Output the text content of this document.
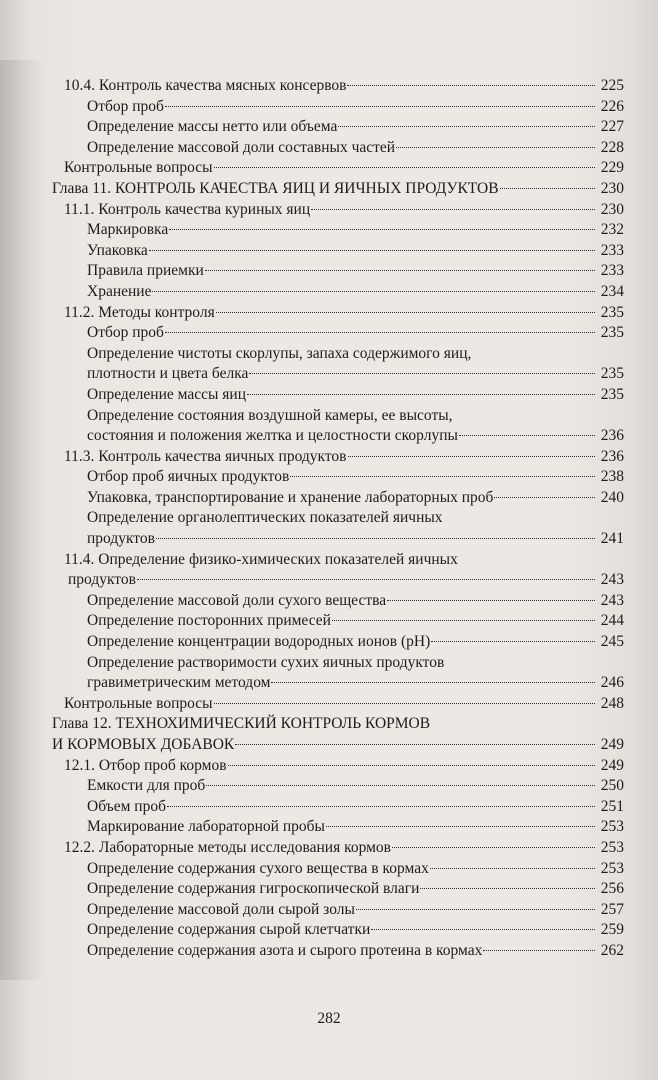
10.4. Контроль качества мясных консервов	225
Отбор проб	226
Определение массы нетто или объема	227
Определение массовой доли составных частей	228
Контрольные вопросы	229
Глава 11. КОНТРОЛЬ КАЧЕСТВА ЯИЦ И ЯИЧНЫХ ПРОДУКТОВ	230
11.1. Контроль качества куриных яиц	230
Маркировка	232
Упаковка	233
Правила приемки	233
Хранение	234
11.2. Методы контроля	235
Отбор проб	235
Определение чистоты скорлупы, запаха содержимого яиц,
плотности и цвета белка	235
Определение массы яиц	235
Определение состояния воздушной камеры, ее высоты,
состояния и положения желтка и целостности скорлупы	236
11.3. Контроль качества яичных продуктов	236
Отбор проб яичных продуктов	238
Упаковка, транспортирование и хранение лабораторных проб	240
Определение органолептических показателей яичных
продуктов	241
11.4. Определение физико-химических показателей яичных
продуктов	243
Определение массовой доли сухого вещества	243
Определение посторонних примесей	244
Определение концентрации водородных ионов (pH)	245
Определение растворимости сухих яичных продуктов
гравиметрическим методом	246
Контрольные вопросы	248
Глава 12. ТЕХНОХИМИЧЕСКИЙ КОНТРОЛЬ КОРМОВ
И КОРМОВЫХ ДОБАВОК	249
12.1. Отбор проб кормов	249
Емкости для проб	250
Объем проб	251
Маркирование лабораторной пробы	253
12.2. Лабораторные методы исследования кормов	253
Определение содержания сухого вещества в кормах	253
Определение содержания гигроскопической влаги	256
Определение массовой доли сырой золы	257
Определение содержания сырой клетчатки	259
Определение содержания азота и сырого протеина в кормах	262
282
